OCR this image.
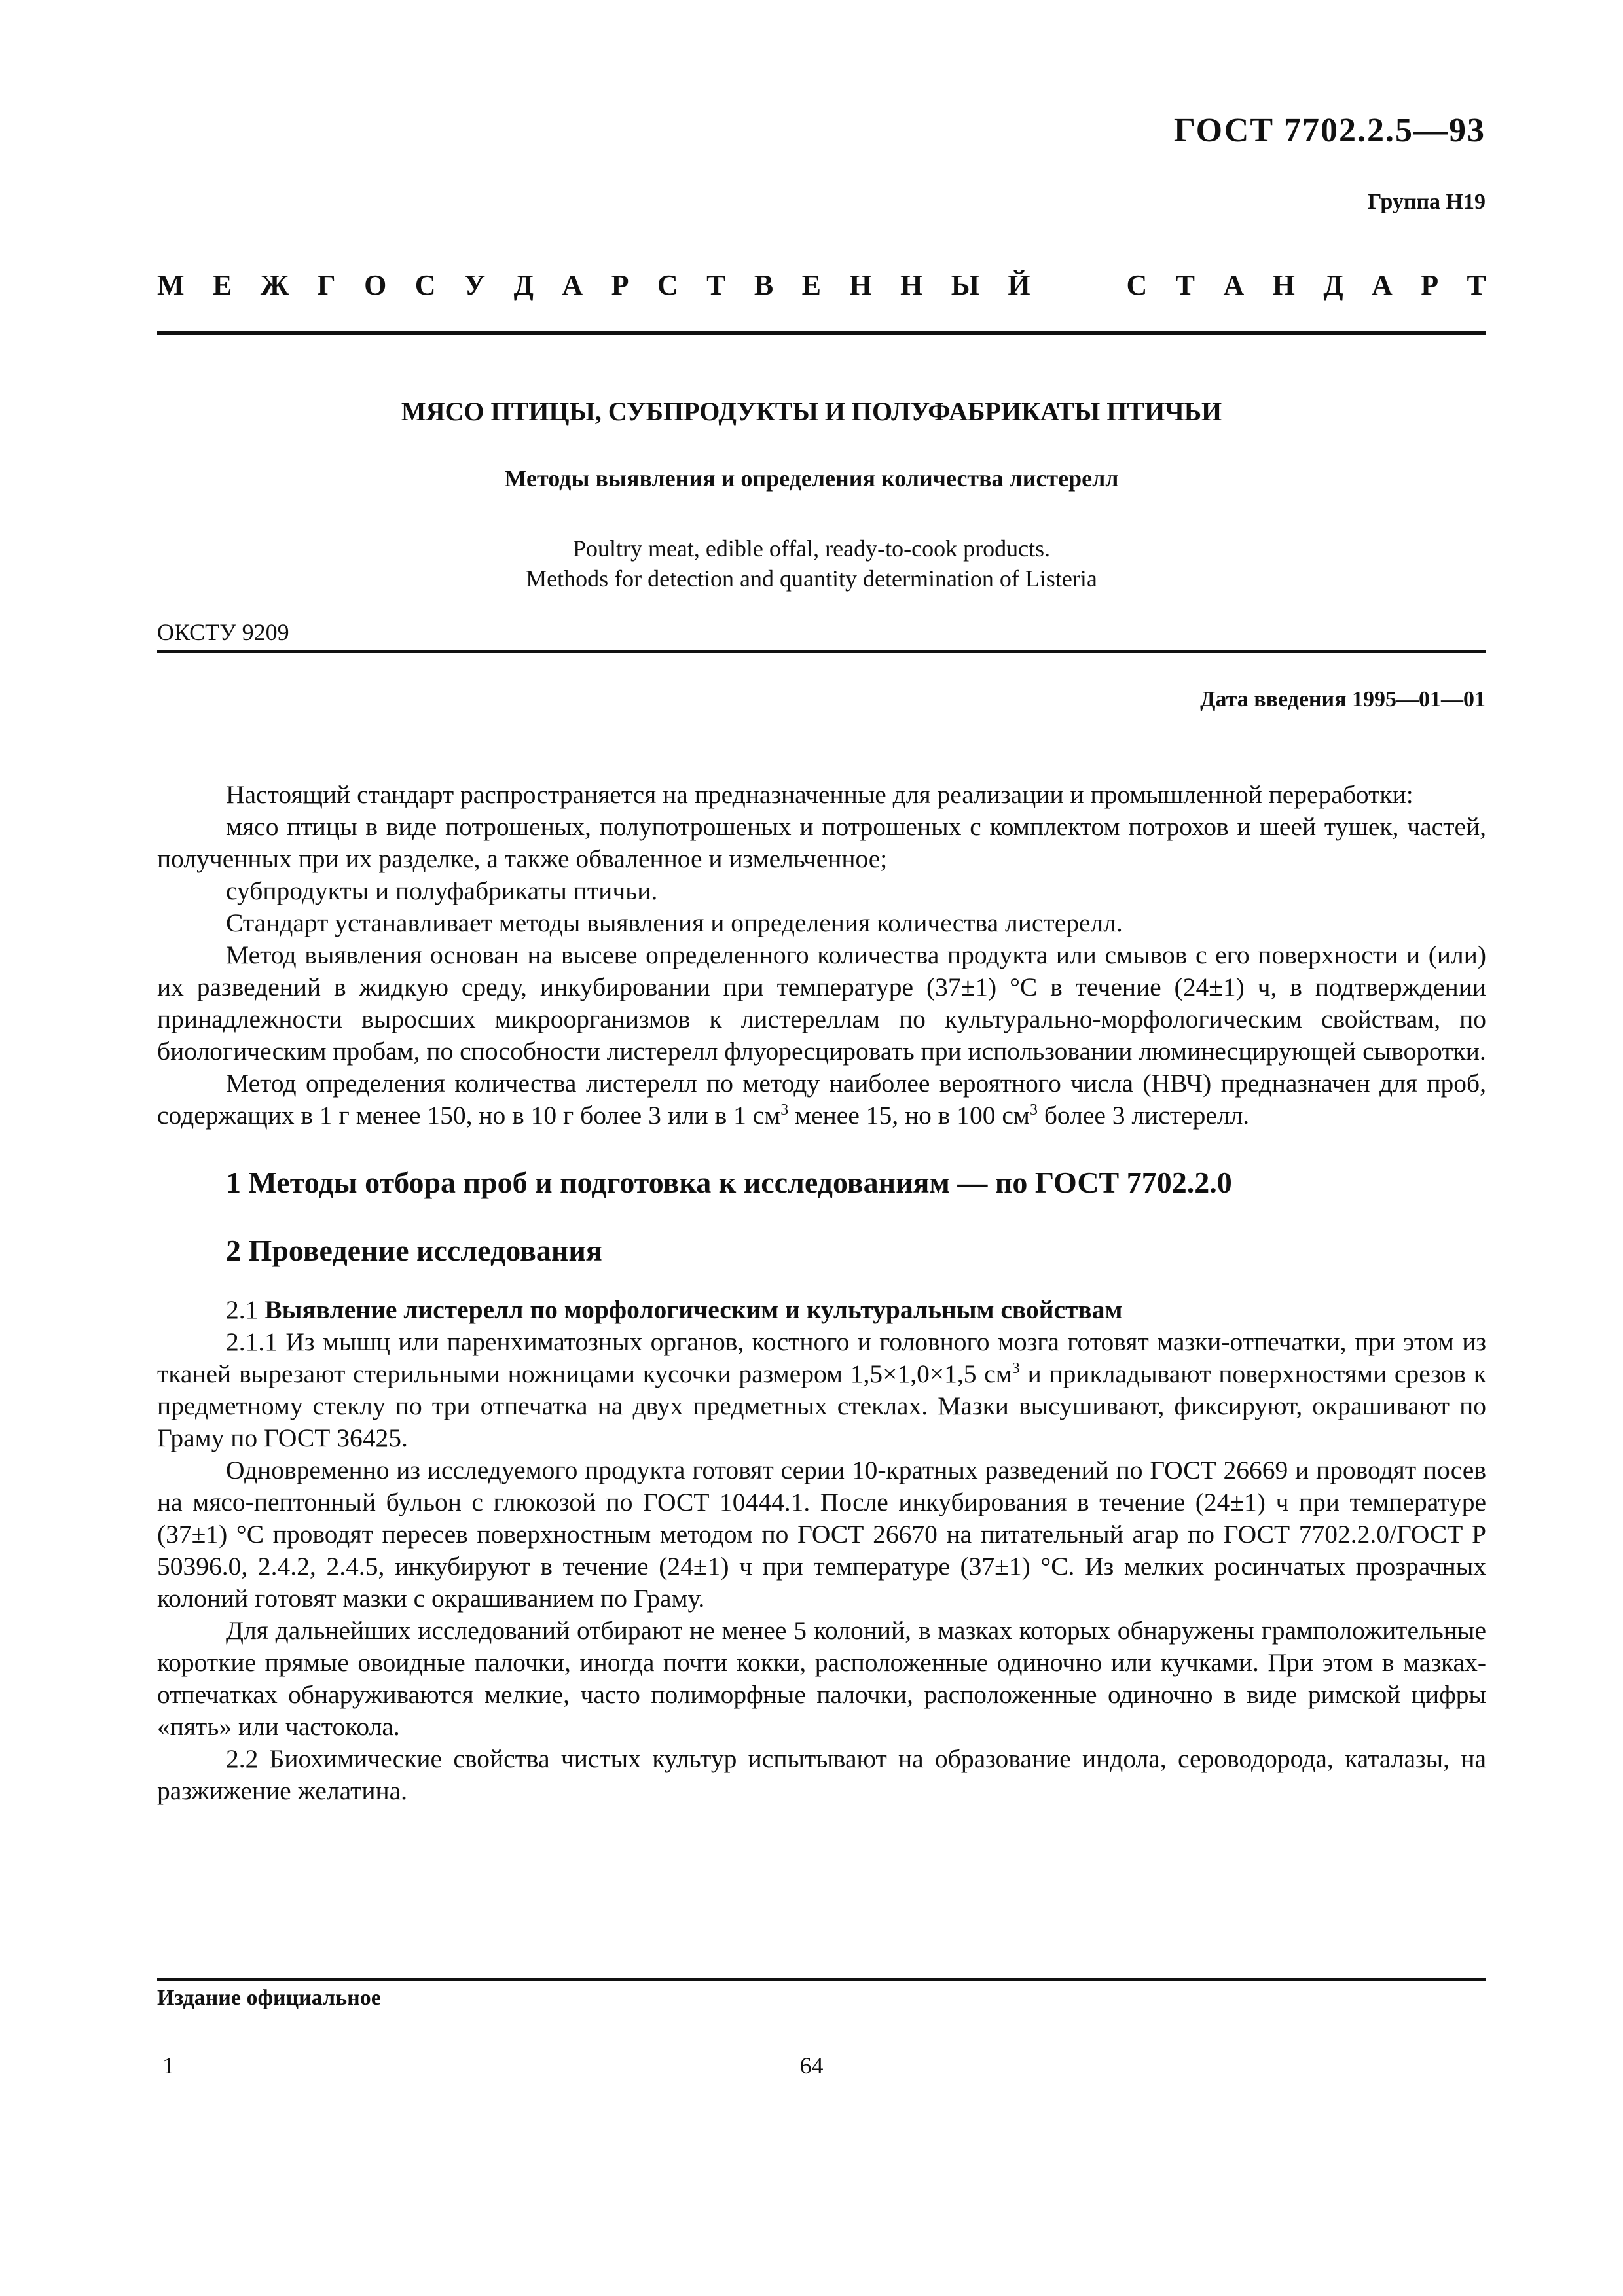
ГОСТ 7702.2.5—93
Группа Н19
М Е Ж Г О С У Д А Р С Т В Е Н Н Ы Й	С Т А Н Д А Р Т
МЯСО ПТИЦЫ, СУБПРОДУКТЫ И ПОЛУФАБРИКАТЫ ПТИЧЬИ
Методы выявления и определения количества листерелл
Poultry meat, edible offal, ready-to-cook products.
Methods for detection and quantity determination of Listeria
ОКСТУ 9209
Дата введения 1995—01—01

Настоящий стандарт распространяется на предназначенные для реализации и промышленной переработки:

мясо птицы в виде потрошеных, полупотрошеных и потрошеных с комплектом потрохов и шеей тушек, частей, полученных при их разделке, а также обваленное и измельченное;

субпродукты и полуфабрикаты птичьи.

Стандарт устанавливает методы выявления и определения количества листерелл.

Метод выявления основан на высеве определенного количества продукта или смывов с его поверхности и (или) их разведений в жидкую среду, инкубировании при температуре (37±1) °С в течение (24±1) ч, в подтверждении принадлежности выросших микроорганизмов к листереллам по культурально-морфологическим свойствам, по биологическим пробам, по способности листерелл флуоресцировать при использовании люминесцирующей сыворотки.

Метод определения количества листерелл по методу наиболее вероятного числа (НВЧ) предназначен для проб, содержащих в 1 г менее 150, но в 10 г более 3 или в 1 $см^3$ менее 15, но в 100 $см^3$ более 3 листерелл.

1 Методы отбора проб и подготовка к исследованиям — по ГОСТ 7702.2.0

2 Проведение исследования

2.1 Выявление листерелл по морфологическим и культуральным свойствам

2.1.1 Из мышц или паренхиматозных органов, костного и головного мозга готовят мазки-отпечатки, при этом из тканей вырезают стерильными ножницами кусочки размером 1,5×1,0×1,5 $см^3$ и прикладывают поверхностями срезов к предметному стеклу по три отпечатка на двух предметных стеклах. Мазки высушивают, фиксируют, окрашивают по Граму по ГОСТ 36425.

Одновременно из исследуемого продукта готовят серии 10-кратных разведений по ГОСТ 26669 и проводят посев на мясо-пептонный бульон с глюкозой по ГОСТ 10444.1. После инкубирования в течение (24±1) ч при температуре (37±1) °С проводят пересев поверхностным методом по ГОСТ 26670 на питательный агар по ГОСТ 7702.2.0/ГОСТ Р 50396.0, 2.4.2, 2.4.5, инкубируют в течение (24±1) ч при температуре (37±1) °С. Из мелких росинчатых прозрачных колоний готовят мазки с окрашиванием по Граму.

Для дальнейших исследований отбирают не менее 5 колоний, в мазках которых обнаружены грамположительные короткие прямые овоидные палочки, иногда почти кокки, расположенные одиночно или кучками. При этом в мазках-отпечатках обнаруживаются мелкие, часто полиморфные палочки, расположенные одиночно в виде римской цифры «пять» или частокола.

2.2 Биохимические свойства чистых культур испытывают на образование индола, сероводорода, каталазы, на разжижение желатина.

Издание официальное
1	64
